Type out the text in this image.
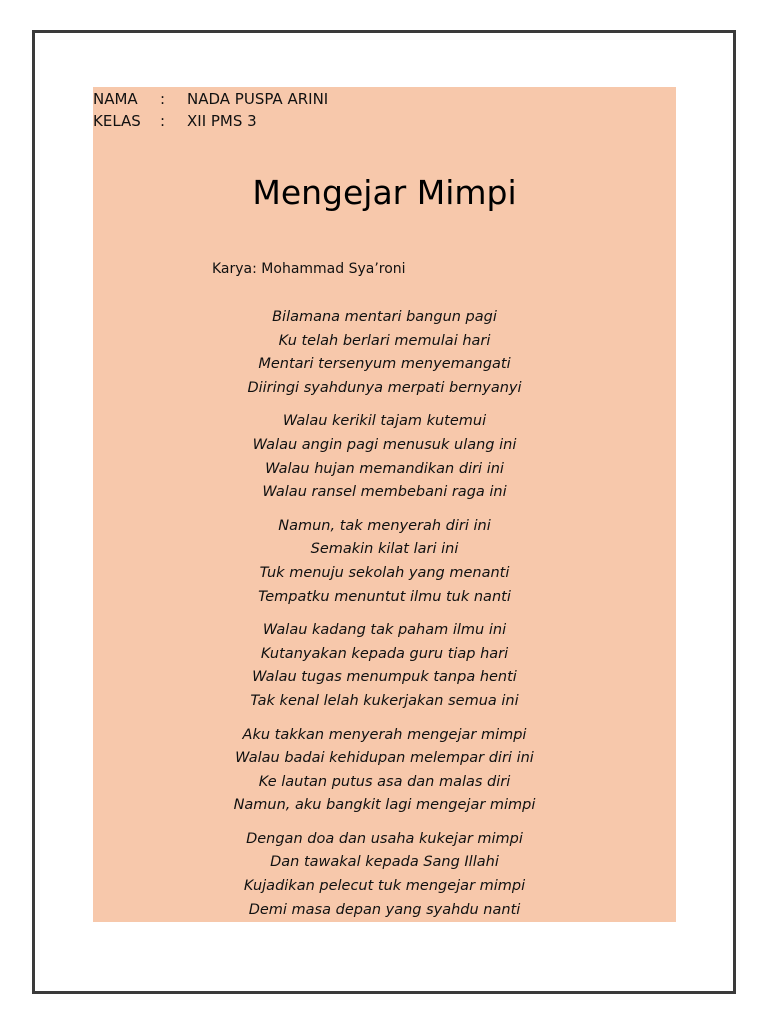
NAMA : NADA PUSPA ARINI
KELAS : XII PMS 3
Mengejar Mimpi
Karya: Mohammad Sya’roni
Bilamana mentari bangun pagi
Ku telah berlari memulai hari
Mentari tersenyum menyemangati
Diiringi syahdunya merpati bernyanyi
Walau kerikil tajam kutemui
Walau angin pagi menusuk ulang ini
Walau hujan memandikan diri ini
Walau ransel membebani raga ini
Namun, tak menyerah diri ini
Semakin kilat lari ini
Tuk menuju sekolah yang menanti
Tempatku menuntut ilmu tuk nanti
Walau kadang tak paham ilmu ini
Kutanyakan kepada guru tiap hari
Walau tugas menumpuk tanpa henti
Tak kenal lelah kukerjakan semua ini
Aku takkan menyerah mengejar mimpi
Walau badai kehidupan melempar diri ini
Ke lautan putus asa dan malas diri
Namun, aku bangkit lagi mengejar mimpi
Dengan doa dan usaha kukejar mimpi
Dan tawakal kepada Sang Illahi
Kujadikan pelecut tuk mengejar mimpi
Demi masa depan yang syahdu nanti
